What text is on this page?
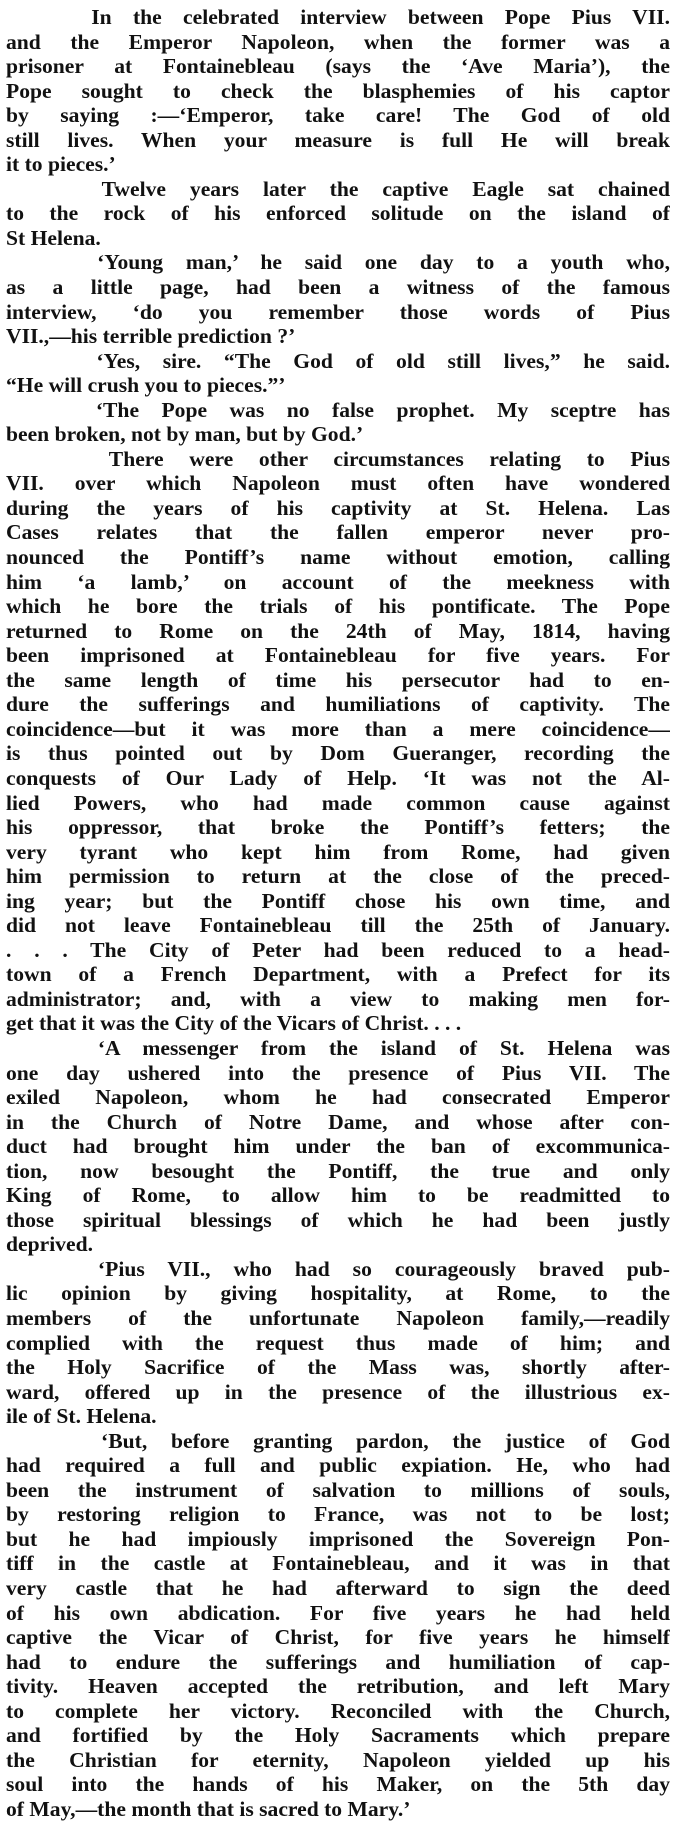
In the celebrated interview between Pope Pius VII.
and the Emperor Napoleon, when the former was a
prisoner at Fontainebleau (says the ‘Ave Maria’), the
Pope sought to check the blasphemies of his captor
by saying :—‘Emperor, take care! The God of old
still lives. When your measure is full He will break
it to pieces.’
Twelve years later the captive Eagle sat chained
to the rock of his enforced solitude on the island of
St Helena.
‘Young man,’ he said one day to a youth who,
as a little page, had been a witness of the famous
interview, ‘do you remember those words of Pius
VII.,—his terrible prediction ?’
‘Yes, sire. “The God of old still lives,” he said.
“He will crush you to pieces.”’
‘The Pope was no false prophet. My sceptre has
been broken, not by man, but by God.’
There were other circumstances relating to Pius
VII. over which Napoleon must often have wondered
during the years of his captivity at St. Helena. Las
Cases relates that the fallen emperor never pro-
nounced the Pontiff’s name without emotion, calling
him ‘a lamb,’ on account of the meekness with
which he bore the trials of his pontificate. The Pope
returned to Rome on the 24th of May, 1814, having
been imprisoned at Fontainebleau for five years. For
the same length of time his persecutor had to en-
dure the sufferings and humiliations of captivity. The
coincidence—but it was more than a mere coincidence—
is thus pointed out by Dom Gueranger, recording the
conquests of Our Lady of Help. ‘It was not the Al-
lied Powers, who had made common cause against
his oppressor, that broke the Pontiff’s fetters; the
very tyrant who kept him from Rome, had given
him permission to return at the close of the preced-
ing year; but the Pontiff chose his own time, and
did not leave Fontainebleau till the 25th of January.
. . . The City of Peter had been reduced to a head-
town of a French Department, with a Prefect for its
administrator; and, with a view to making men for-
get that it was the City of the Vicars of Christ. . . .
‘A messenger from the island of St. Helena was
one day ushered into the presence of Pius VII. The
exiled Napoleon, whom he had consecrated Emperor
in the Church of Notre Dame, and whose after con-
duct had brought him under the ban of excommunica-
tion, now besought the Pontiff, the true and only
King of Rome, to allow him to be readmitted to
those spiritual blessings of which he had been justly
deprived.
‘Pius VII., who had so courageously braved pub-
lic opinion by giving hospitality, at Rome, to the
members of the unfortunate Napoleon family,—readily
complied with the request thus made of him; and
the Holy Sacrifice of the Mass was, shortly after-
ward, offered up in the presence of the illustrious ex-
ile of St. Helena.
‘But, before granting pardon, the justice of God
had required a full and public expiation. He, who had
been the instrument of salvation to millions of souls,
by restoring religion to France, was not to be lost;
but he had impiously imprisoned the Sovereign Pon-
tiff in the castle at Fontainebleau, and it was in that
very castle that he had afterward to sign the deed
of his own abdication. For five years he had held
captive the Vicar of Christ, for five years he himself
had to endure the sufferings and humiliation of cap-
tivity. Heaven accepted the retribution, and left Mary
to complete her victory. Reconciled with the Church,
and fortified by the Holy Sacraments which prepare
the Christian for eternity, Napoleon yielded up his
soul into the hands of his Maker, on the 5th day
of May,—the month that is sacred to Mary.’
